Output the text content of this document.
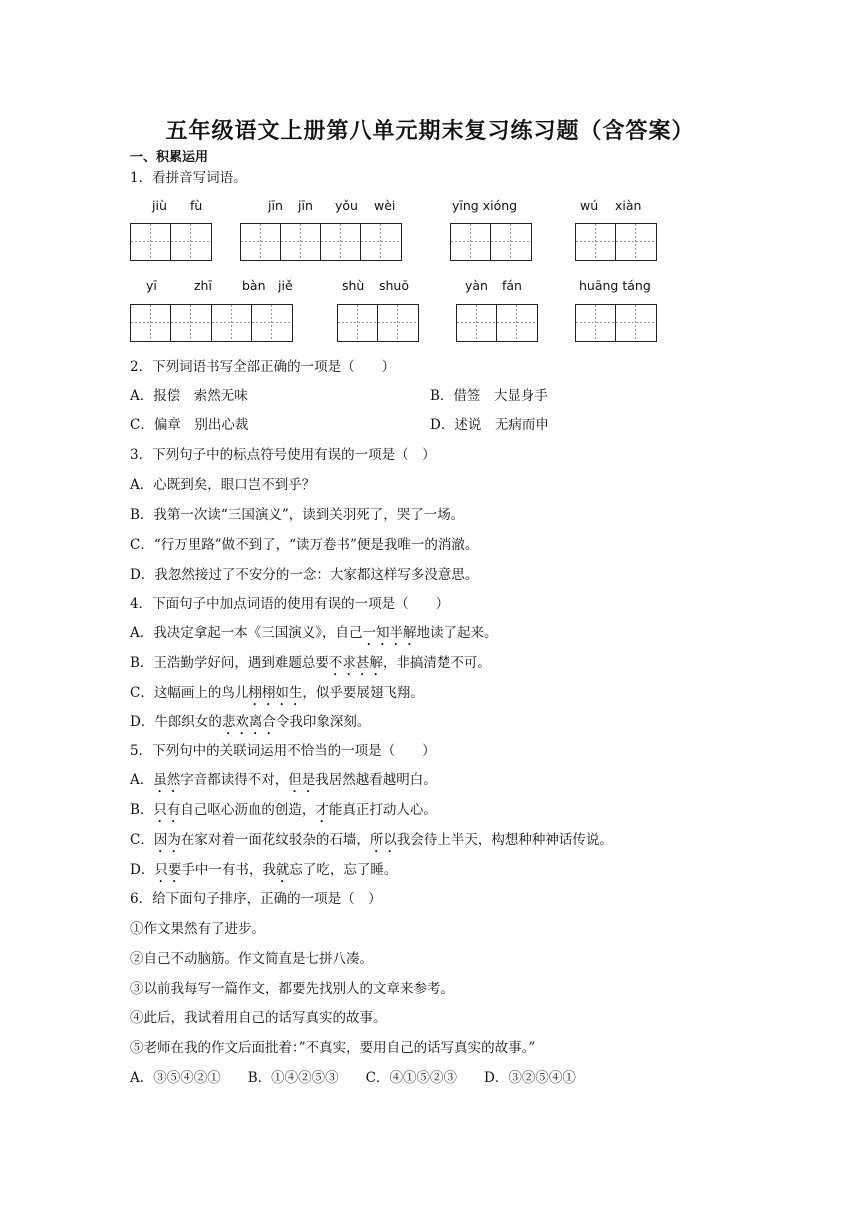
五年级语文上册第八单元期末复习练习题（含答案）
一、积累运用
1．看拼音写词语。
jiù fù	jīn jīn yǒu wèi	yīng xióng	wú xiàn
yī	zhī bàn jiě	shù shuō	yàn fán	huāng táng
2．下列词语书写全部正确的一项是（　　）
A．报偿　索然无味	B．借签　大显身手
C．偏章　别出心裁	D．述说　无病而申
3．下列句子中的标点符号使用有误的一项是（　）
A．心既到矣，眼口岂不到乎？
B．我第一次读“三国演义”，读到关羽死了，哭了一场。
C．“行万里路”做不到了，“读万卷书”便是我唯一的消澈。
D．我忽然接过了不安分的一念：大家都这样写多没意思。
4．下面句子中加点词语的使用有误的一项是（　　）
A．我决定拿起一本《三国演义》，自己一知半解地读了起来。
B．王浩勤学好问，遇到难题总要不求甚解，非搞清楚不可。
C．这幅画上的鸟儿栩栩如生，似乎要展翅飞翔。
D．牛郎织女的悲欢离合令我印象深刻。
5．下列句中的关联词运用不恰当的一项是（　　）
A．虽然字音都读得不对，但是我居然越看越明白。
B．只有自己呕心沥血的创造，才能真正打动人心。
C．因为在家对着一面花纹驳杂的石墙，所以我会待上半天，构想种种神话传说。
D．只要手中一有书，我就忘了吃，忘了睡。
6．给下面句子排序，正确的一项是（　）
①作文果然有了进步。
②自己不动脑筋。作文简直是七拼八凑。
③以前我每写一篇作文，都要先找别人的文章来参考。
④此后，我试着用自己的话写真实的故事。
⑤老师在我的作文后面批着：”不真实，要用自己的话写真实的故事。”
A．③⑤④②①　　B．①④②⑤③　　C．④①⑤②③　　D．③②⑤④①
